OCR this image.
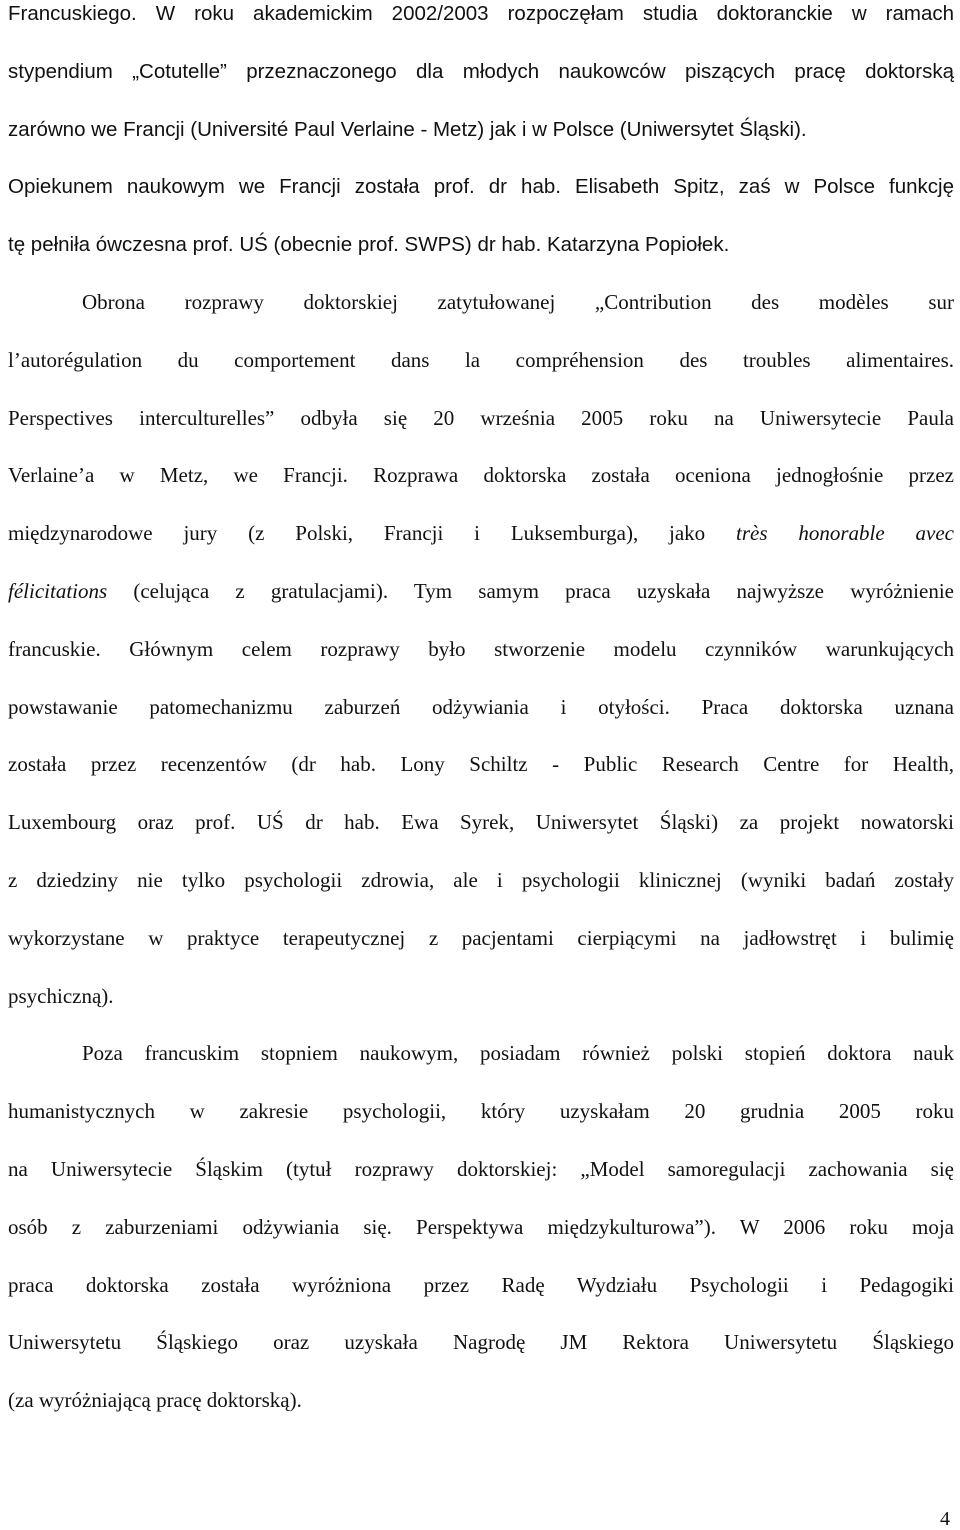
Francuskiego. W roku akademickim 2002/2003 rozpoczęłam studia doktoranckie w ramach
stypendium „Cotutelle” przeznaczonego dla młodych naukowców piszących pracę doktorską
zarówno we Francji (Université Paul Verlaine - Metz) jak i w Polsce (Uniwersytet Śląski).
Opiekunem naukowym we Francji została prof. dr hab. Elisabeth Spitz, zaś w Polsce funkcję
tę pełniła ówczesna prof. UŚ (obecnie prof. SWPS) dr hab. Katarzyna Popiołek.
Obrona rozprawy doktorskiej zatytułowanej „Contribution des modèles sur
l’autorégulation du comportement dans la compréhension des troubles alimentaires.
Perspectives interculturelles” odbyła się 20 września 2005 roku na Uniwersytecie Paula
Verlaine’a w Metz, we Francji. Rozprawa doktorska została oceniona jednogłośnie przez
międzynarodowe jury (z Polski, Francji i Luksemburga), jako très honorable avec
félicitations (celująca z gratulacjami). Tym samym praca uzyskała najwyższe wyróżnienie
francuskie. Głównym celem rozprawy było stworzenie modelu czynników warunkujących
powstawanie patomechanizmu zaburzeń odżywiania i otyłości. Praca doktorska uznana
została przez recenzentów (dr hab. Lony Schiltz - Public Research Centre for Health,
Luxembourg oraz prof. UŚ dr hab. Ewa Syrek, Uniwersytet Śląski) za projekt nowatorski
z dziedziny nie tylko psychologii zdrowia, ale i psychologii klinicznej (wyniki badań zostały
wykorzystane w praktyce terapeutycznej z pacjentami cierpiącymi na jadłowstręt i bulimię
psychiczną).
Poza francuskim stopniem naukowym, posiadam również polski stopień doktora nauk
humanistycznych w zakresie psychologii, który uzyskałam 20 grudnia 2005 roku
na Uniwersytecie Śląskim (tytuł rozprawy doktorskiej: „Model samoregulacji zachowania się
osób z zaburzeniami odżywiania się. Perspektywa międzykulturowa”). W 2006 roku moja
praca doktorska została wyróżniona przez Radę Wydziału Psychologii i Pedagogiki
Uniwersytetu Śląskiego oraz uzyskała Nagrodę JM Rektora Uniwersytetu Śląskiego
(za wyróżniającą pracę doktorską).
4
